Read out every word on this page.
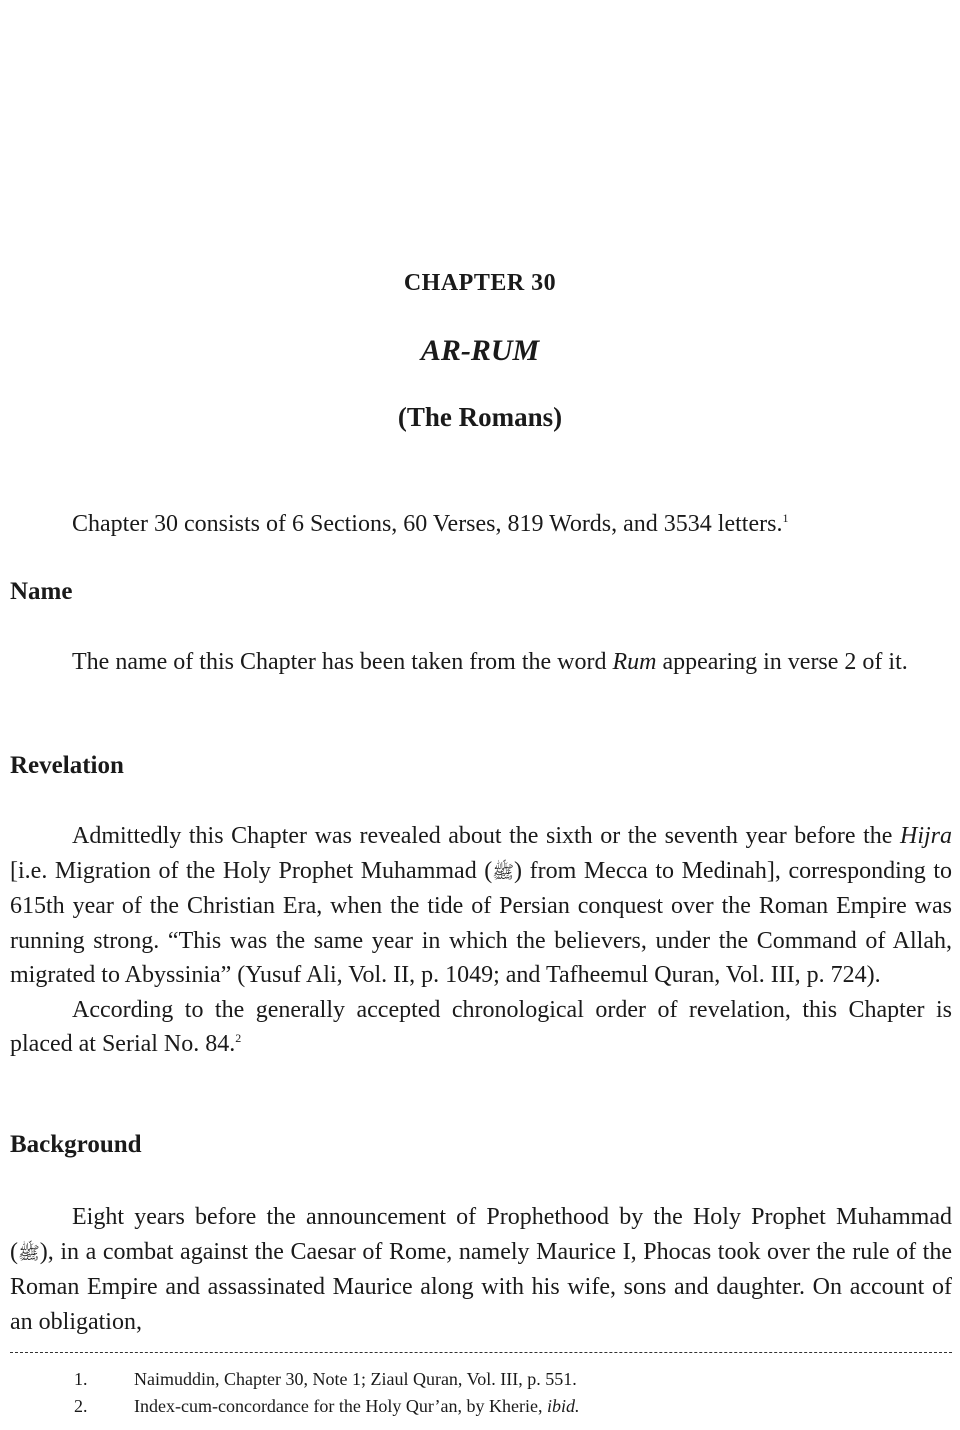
CHAPTER 30
AR-RUM
(The Romans)

Chapter 30 consists of 6 Sections, 60 Verses, 819 Words, and 3534 letters.$^1$

Name

The name of this Chapter has been taken from the word Rum appearing in verse 2 of it.

Revelation

Admittedly this Chapter was revealed about the sixth or the seventh year before the Hijra [i.e. Migration of the Holy Prophet Muhammad (ﷺ) from Mecca to Medinah], corresponding to 615th year of the Christian Era, when the tide of Persian conquest over the Roman Empire was running strong. “This was the same year in which the believers, under the Command of Allah, migrated to Abyssinia” (Yusuf Ali, Vol. II, p. 1049; and Tafheemul Quran, Vol. III, p. 724).

According to the generally accepted chronological order of revelation, this Chapter is placed at Serial No. 84.$^2$

Background

Eight years before the announcement of Prophethood by the Holy Prophet Muhammad (ﷺ), in a combat against the Caesar of Rome, namely Maurice I, Phocas took over the rule of the Roman Empire and assassinated Maurice along with his wife, sons and daughter. On account of an obligation,

1.	Naimuddin, Chapter 30, Note 1; Ziaul Quran, Vol. III, p. 551.
2.	Index-cum-concordance for the Holy Qur’an, by Kherie, ibid.
